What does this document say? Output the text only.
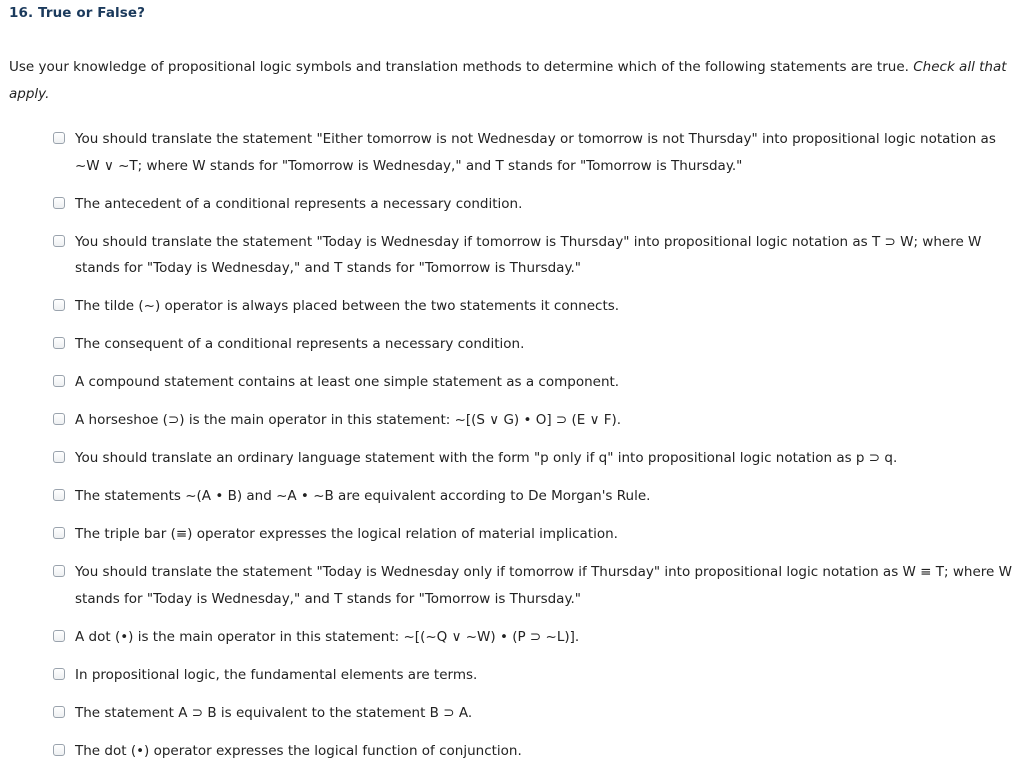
16. True or False?
Use your knowledge of propositional logic symbols and translation methods to determine which of the following statements are true. Check all that apply.
You should translate the statement "Either tomorrow is not Wednesday or tomorrow is not Thursday" into propositional logic notation as ~W ∨ ~T; where W stands for "Tomorrow is Wednesday," and T stands for "Tomorrow is Thursday."
The antecedent of a conditional represents a necessary condition.
You should translate the statement "Today is Wednesday if tomorrow is Thursday" into propositional logic notation as T ⊃ W; where W stands for "Today is Wednesday," and T stands for "Tomorrow is Thursday."
The tilde (~) operator is always placed between the two statements it connects.
The consequent of a conditional represents a necessary condition.
A compound statement contains at least one simple statement as a component.
A horseshoe (⊃) is the main operator in this statement: ~[(S ∨ G) • O] ⊃ (E ∨ F).
You should translate an ordinary language statement with the form "p only if q" into propositional logic notation as p ⊃ q.
The statements ~(A • B) and ~A • ~B are equivalent according to De Morgan's Rule.
The triple bar (≡) operator expresses the logical relation of material implication.
You should translate the statement "Today is Wednesday only if tomorrow if Thursday" into propositional logic notation as W ≡ T; where W stands for "Today is Wednesday," and T stands for "Tomorrow is Thursday."
A dot (•) is the main operator in this statement: ~[(~Q ∨ ~W) • (P ⊃ ~L)].
In propositional logic, the fundamental elements are terms.
The statement A ⊃ B is equivalent to the statement B ⊃ A.
The dot (•) operator expresses the logical function of conjunction.
